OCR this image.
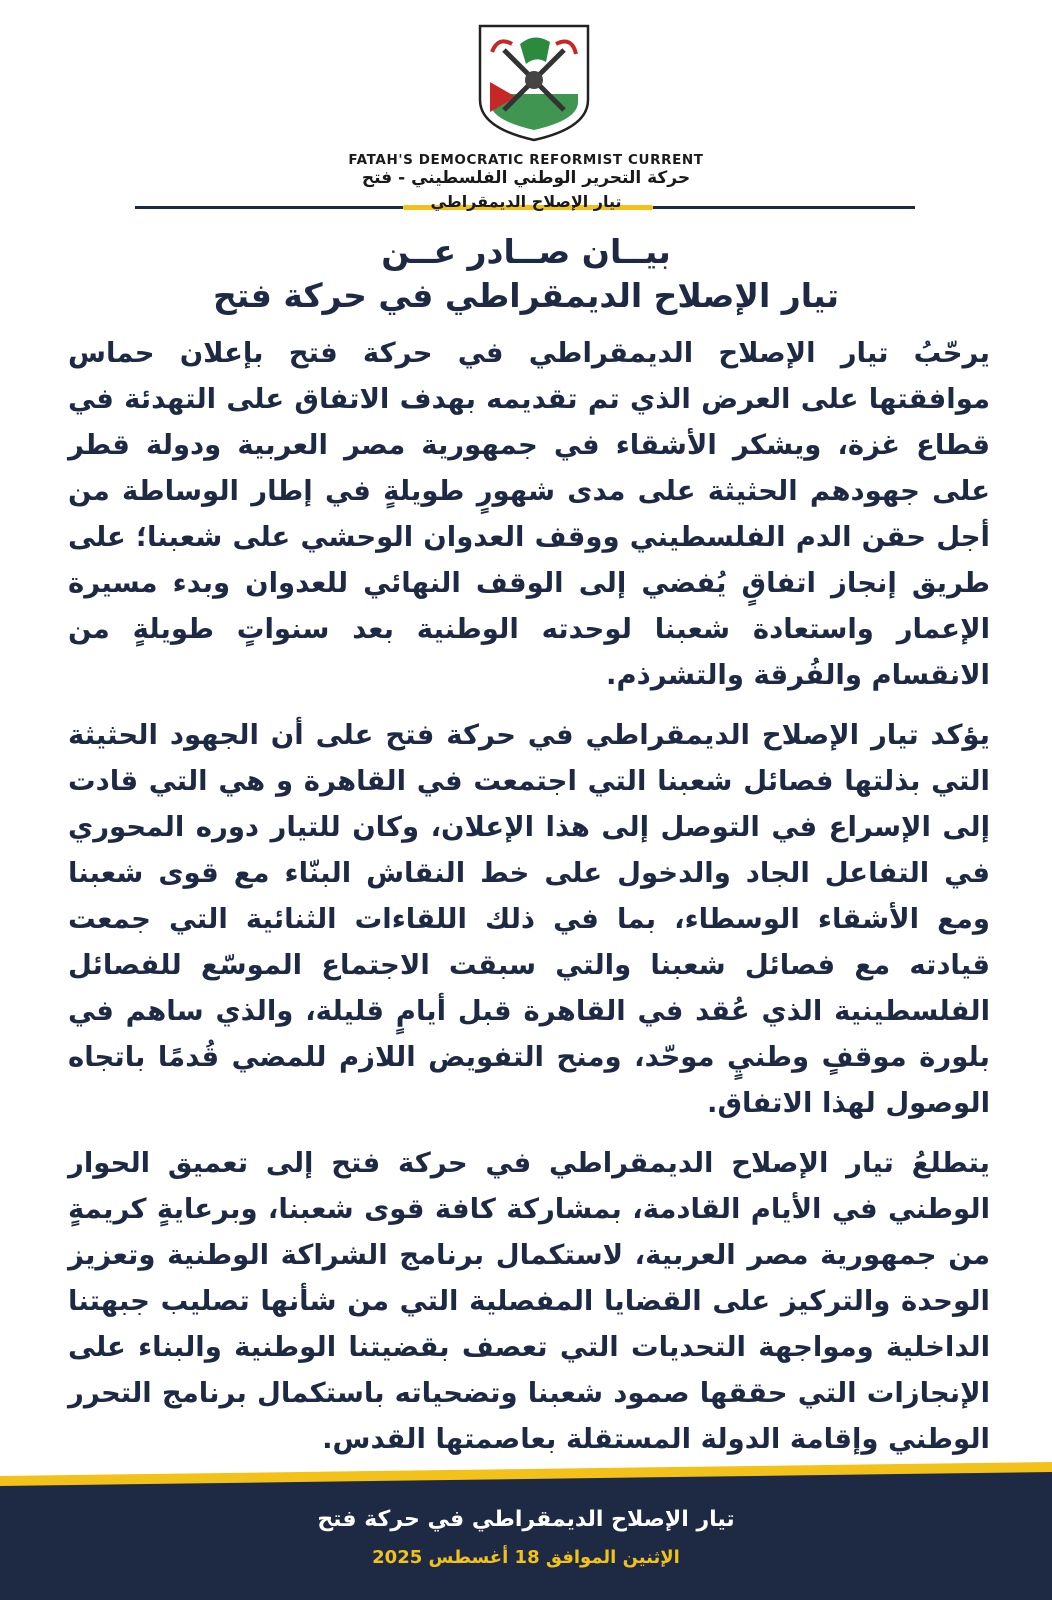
FATAH'S DEMOCRATIC REFORMIST CURRENT
حركة التحرير الوطني الفلسطيني - فتح
تيار الإصلاح الديمقراطي
بيــان صــادر عــن
تيار الإصلاح الديمقراطي في حركة فتح

يرحّبُ تيار الإصلاح الديمقراطي في حركة فتح بإعلان حماس موافقتها على العرض الذي تم تقديمه بهدف الاتفاق على التهدئة في قطاع غزة، ويشكر الأشقاء في جمهورية مصر العربية ودولة قطر على جهودهم الحثيثة على مدى شهورٍ طويلةٍ في إطار الوساطة من أجل حقن الدم الفلسطيني ووقف العدوان الوحشي على شعبنا؛ على طريق إنجاز اتفاقٍ يُفضي إلى الوقف النهائي للعدوان وبدء مسيرة الإعمار واستعادة شعبنا لوحدته الوطنية بعد سنواتٍ طويلةٍ من الانقسام والفُرقة والتشرذم.

يؤكد تيار الإصلاح الديمقراطي في حركة فتح على أن الجهود الحثيثة التي بذلتها فصائل شعبنا التي اجتمعت في القاهرة و هي التي قادت إلى الإسراع في التوصل إلى هذا الإعلان، وكان للتيار دوره المحوري في التفاعل الجاد والدخول على خط النقاش البنّاء مع قوى شعبنا ومع الأشقاء الوسطاء، بما في ذلك اللقاءات الثنائية التي جمعت قيادته مع فصائل شعبنا والتي سبقت الاجتماع الموسّع للفصائل الفلسطينية الذي عُقد في القاهرة قبل أيامٍ قليلة، والذي ساهم في بلورة موقفٍ وطنيٍ موحّد، ومنح التفويض اللازم للمضي قُدمًا باتجاه الوصول لهذا الاتفاق.

يتطلعُ تيار الإصلاح الديمقراطي في حركة فتح إلى تعميق الحوار الوطني في الأيام القادمة، بمشاركة كافة قوى شعبنا، وبرعايةٍ كريمةٍ من جمهورية مصر العربية، لاستكمال برنامج الشراكة الوطنية وتعزيز الوحدة والتركيز على القضايا المفصلية التي من شأنها تصليب جبهتنا الداخلية ومواجهة التحديات التي تعصف بقضيتنا الوطنية والبناء على الإنجازات التي حققها صمود شعبنا وتضحياته باستكمال برنامج التحرر الوطني وإقامة الدولة المستقلة بعاصمتها القدس.

تيار الإصلاح الديمقراطي في حركة فتح
الإثنين الموافق 18 أغسطس 2025
